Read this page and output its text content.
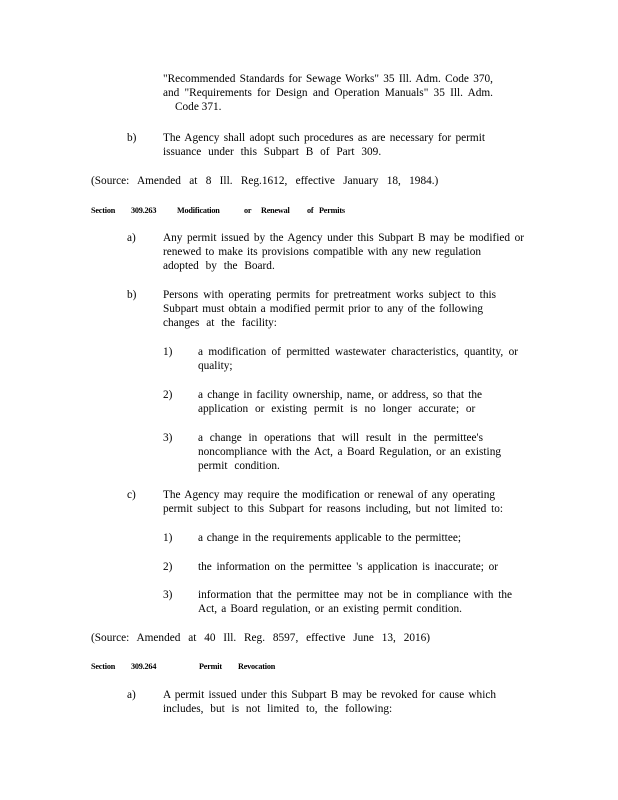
"Recommended Standards for Sewage Works" 35 Ill. Adm. Code 370,
and "Requirements for Design and Operation Manuals" 35 Ill. Adm.
Code 371.

b) The Agency shall adopt such procedures as are necessary for permit
issuance under this Subpart B of Part 309.
(Source: Amended at 8 Ill. Reg.1612, effective January 18, 1984.)
Section 309.263	Modification	or Renewal of Permits

a) Any permit issued by the Agency under this Subpart B may be modified or
renewed to make its provisions compatible with any new regulation
adopted by the Board.

b) Persons with operating permits for pretreatment works subject to this
Subpart must obtain a modified permit prior to any of the following
changes at the facility:

1) a modification of permitted wastewater characteristics, quantity, or
quality;

2) a change in facility ownership, name, or address, so that the
application or existing permit is no longer accurate; or

3) a change in operations that will result in the permittee's
noncompliance with the Act, a Board Regulation, or an existing
permit condition.

c) The Agency may require the modification or renewal of any operating
permit subject to this Subpart for reasons including, but not limited to:

1) a change in the requirements applicable to the permittee;

2) the information on the permittee 's application is inaccurate; or

3) information that the permittee may not be in compliance with the
Act, a Board regulation, or an existing permit condition.
(Source: Amended at 40 Ill. Reg. 8597, effective June 13, 2016)
Section 309.264	Permit Revocation

a) A permit issued under this Subpart B may be revoked for cause which
includes, but is not limited to, the following:
